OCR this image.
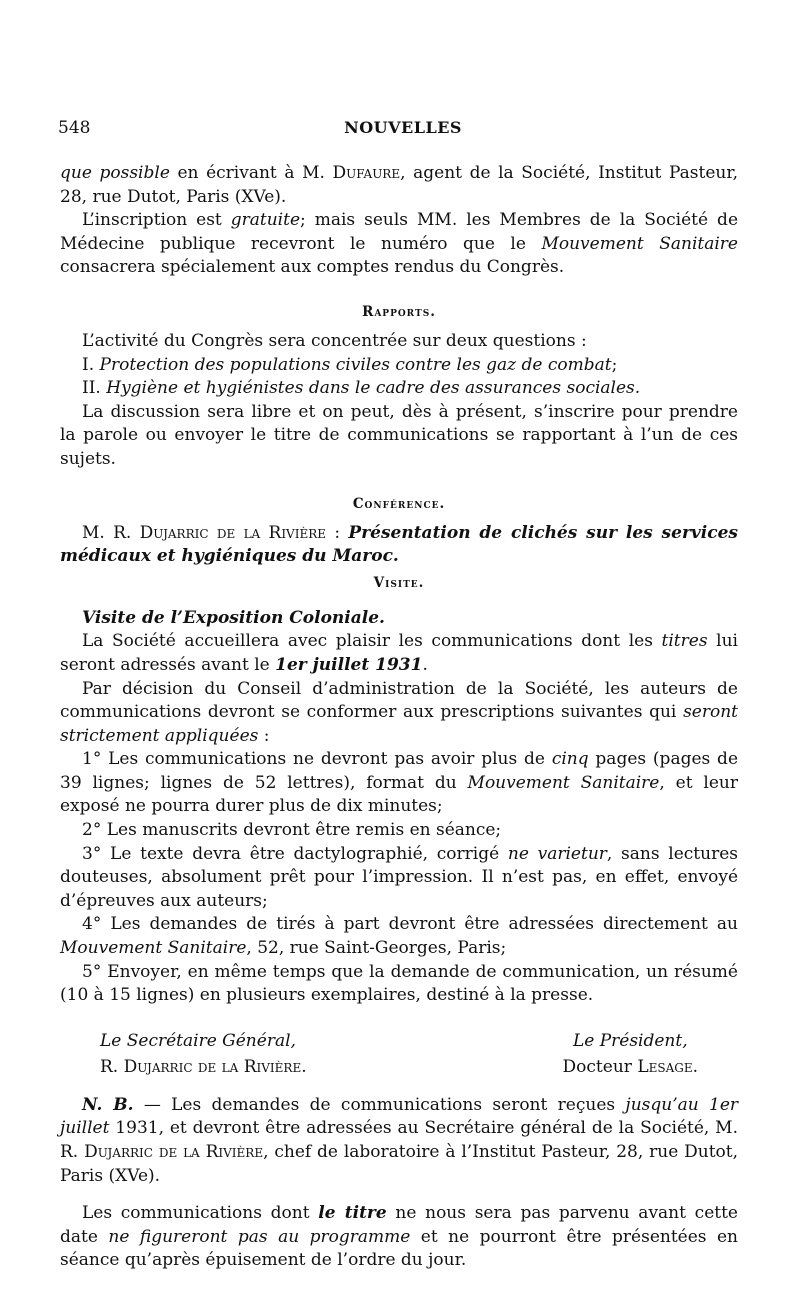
548	NOUVELLES

que possible en écrivant à M. Dufaure, agent de la Société, Institut Pasteur, 28, rue Dutot, Paris (XVe).

L’inscription est gratuite; mais seuls MM. les Membres de la Société de Médecine publique recevront le numéro que le Mouvement Sanitaire consacrera spécialement aux comptes rendus du Congrès.

Rapports.

L’activité du Congrès sera concentrée sur deux questions :

I. Protection des populations civiles contre les gaz de combat;

II. Hygiène et hygiénistes dans le cadre des assurances sociales.

La discussion sera libre et on peut, dès à présent, s’inscrire pour prendre la parole ou envoyer le titre de communications se rapportant à l’un de ces sujets.

Conférence.

M. R. Dujarric de la Rivière : Présentation de clichés sur les services médicaux et hygiéniques du Maroc.

Visite.

Visite de l’Exposition Coloniale.

La Société accueillera avec plaisir les communications dont les titres lui seront adressés avant le 1er juillet 1931.

Par décision du Conseil d’administration de la Société, les auteurs de communications devront se conformer aux prescriptions suivantes qui seront strictement appliquées :

1° Les communications ne devront pas avoir plus de cinq pages (pages de 39 lignes; lignes de 52 lettres), format du Mouvement Sanitaire, et leur exposé ne pourra durer plus de dix minutes;

2° Les manuscrits devront être remis en séance;

3° Le texte devra être dactylographié, corrigé ne varietur, sans lectures douteuses, absolument prêt pour l’impression. Il n’est pas, en effet, envoyé d’épreuves aux auteurs;

4° Les demandes de tirés à part devront être adressées directement au Mouvement Sanitaire, 52, rue Saint-Georges, Paris;

5° Envoyer, en même temps que la demande de communication, un résumé (10 à 15 lignes) en plusieurs exemplaires, destiné à la presse.

Le Secrétaire Général,
R. Dujarric de la Rivière.
Le Président,
Docteur Lesage.

N. B. — Les demandes de communications seront reçues jusqu’au 1er juillet 1931, et devront être adressées au Secrétaire général de la Société, M. R. Dujarric de la Rivière, chef de laboratoire à l’Institut Pasteur, 28, rue Dutot, Paris (XVe).

Les communications dont le titre ne nous sera pas parvenu avant cette date ne figureront pas au programme et ne pourront être présentées en séance qu’après épuisement de l’ordre du jour.
